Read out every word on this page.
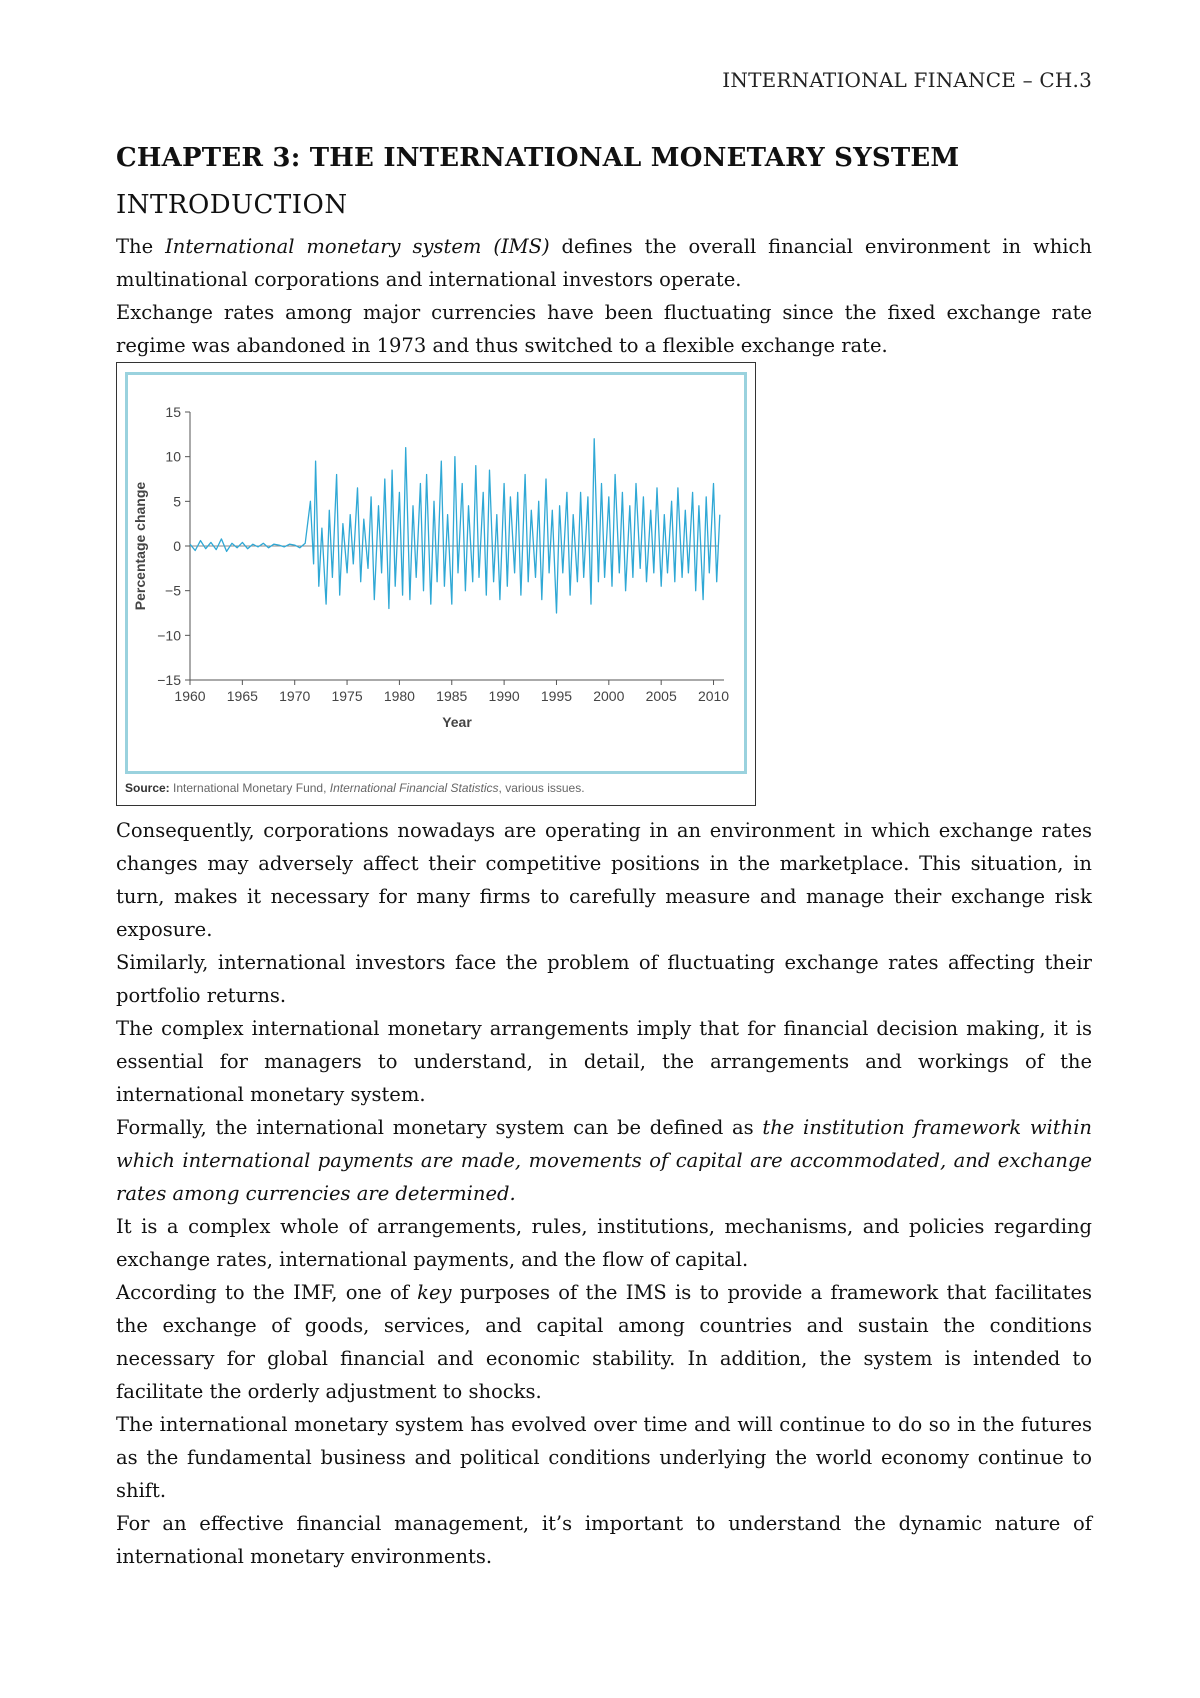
INTERNATIONAL FINANCE – CH.3
CHAPTER 3: THE INTERNATIONAL MONETARY SYSTEM
INTRODUCTION

The International monetary system (IMS) defines the overall financial environment in which multinational corporations and international investors operate.

Exchange rates among major currencies have been fluctuating since the fixed exchange rate regime was abandoned in 1973 and thus switched to a flexible exchange rate.

15
10
5
0
−5
−10
−15
1960 1965 1970 1975 1980 1985 1990 1995 2000 2005 2010
Year
Percentage change
Source: International Monetary Fund, International Financial Statistics, various issues.

Consequently, corporations nowadays are operating in an environment in which exchange rates changes may adversely affect their competitive positions in the marketplace. This situation, in turn, makes it necessary for many firms to carefully measure and manage their exchange risk exposure.

Similarly, international investors face the problem of fluctuating exchange rates affecting their portfolio returns.

The complex international monetary arrangements imply that for financial decision making, it is essential for managers to understand, in detail, the arrangements and workings of the international monetary system.

Formally, the international monetary system can be defined as the institution framework within which international payments are made, movements of capital are accommodated, and exchange rates among currencies are determined.

It is a complex whole of arrangements, rules, institutions, mechanisms, and policies regarding exchange rates, international payments, and the flow of capital.

According to the IMF, one of key purposes of the IMS is to provide a framework that facilitates the exchange of goods, services, and capital among countries and sustain the conditions necessary for global financial and economic stability. In addition, the system is intended to facilitate the orderly adjustment to shocks.

The international monetary system has evolved over time and will continue to do so in the futures as the fundamental business and political conditions underlying the world economy continue to shift.

For an effective financial management, it’s important to understand the dynamic nature of international monetary environments.
